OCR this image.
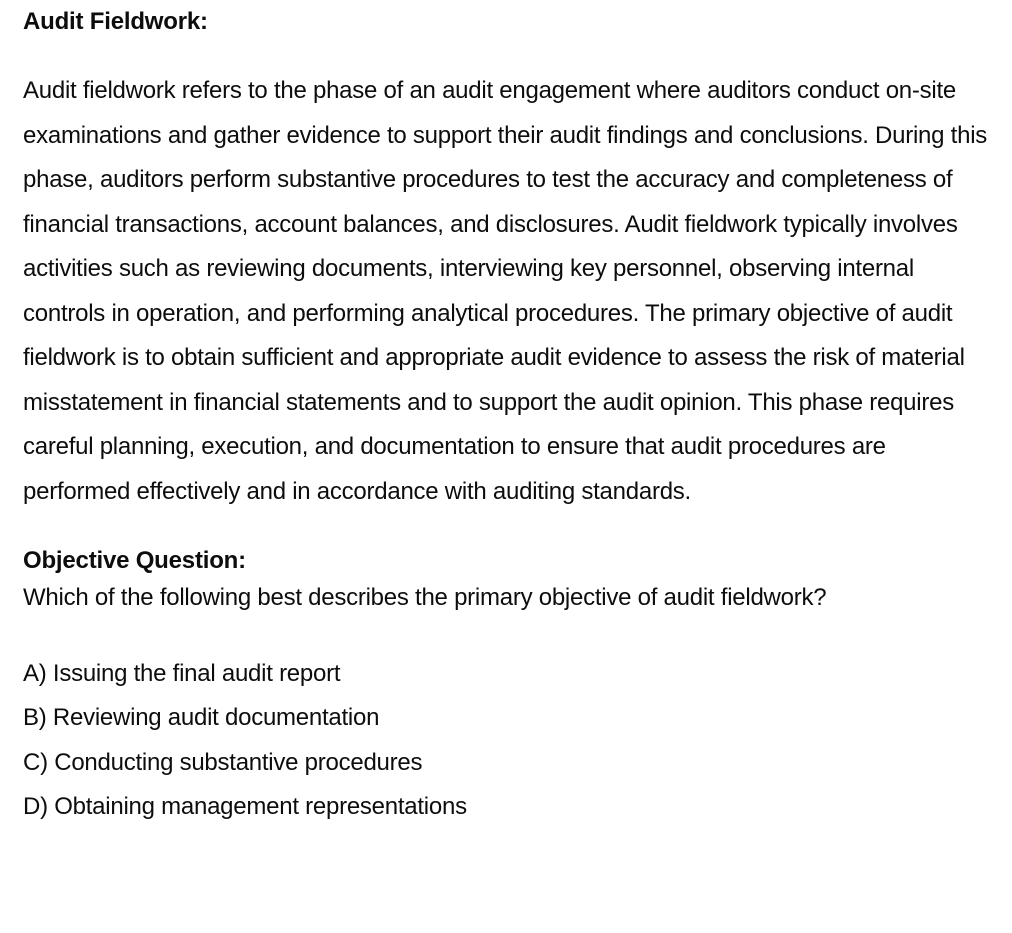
Audit Fieldwork:

Audit fieldwork refers to the phase of an audit engagement where auditors conduct on-site examinations and gather evidence to support their audit findings and conclusions. During this phase, auditors perform substantive procedures to test the accuracy and completeness of financial transactions, account balances, and disclosures. Audit fieldwork typically involves activities such as reviewing documents, interviewing key personnel, observing internal controls in operation, and performing analytical procedures. The primary objective of audit fieldwork is to obtain sufficient and appropriate audit evidence to assess the risk of material misstatement in financial statements and to support the audit opinion. This phase requires careful planning, execution, and documentation to ensure that audit procedures are performed effectively and in accordance with auditing standards.

Objective Question:

Which of the following best describes the primary objective of audit fieldwork?

A) Issuing the final audit report
B) Reviewing audit documentation
C) Conducting substantive procedures
D) Obtaining management representations
